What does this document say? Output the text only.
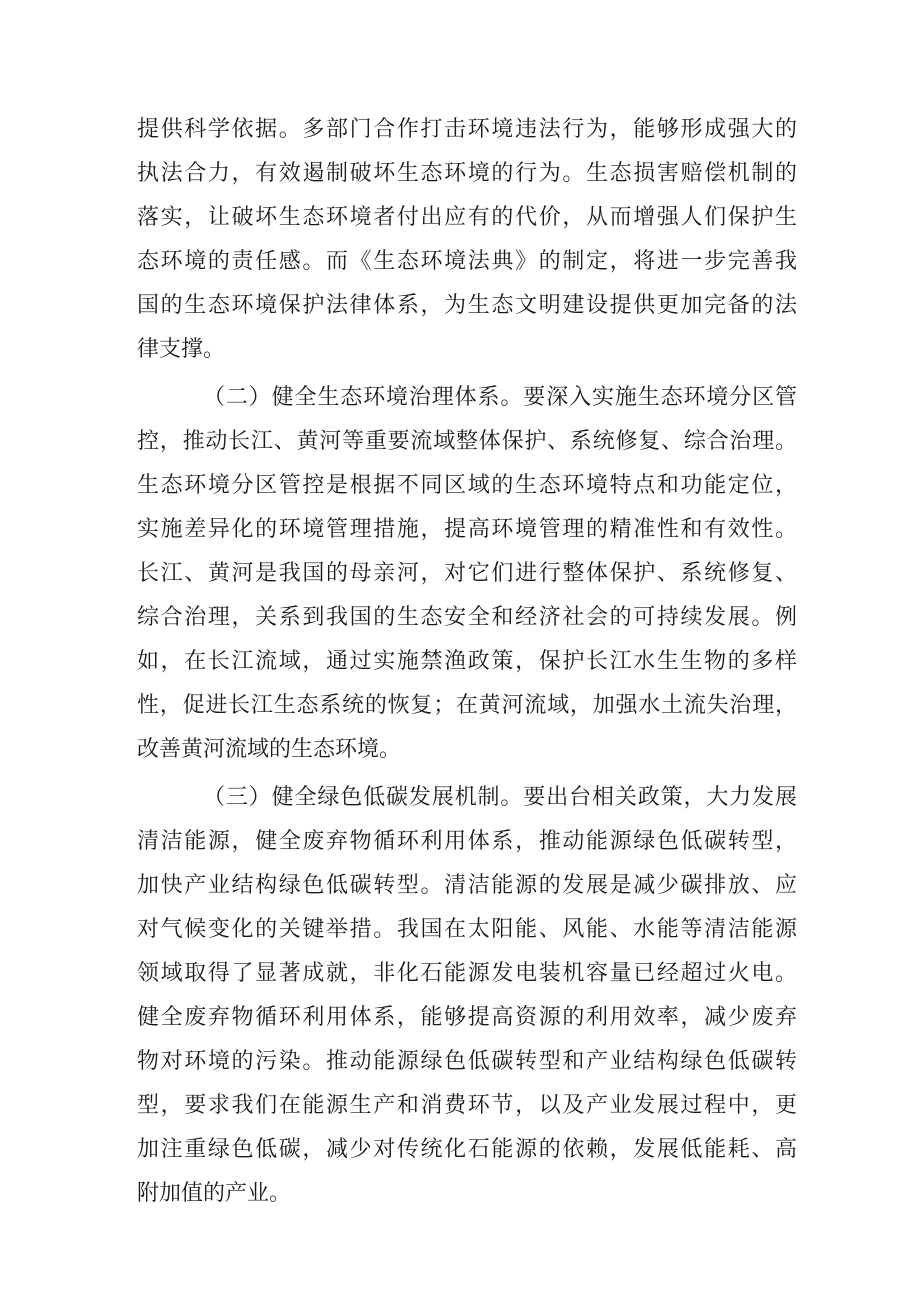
提供科学依据。多部门合作打击环境违法行为，能够形成强大的
执法合力，有效遏制破坏生态环境的行为。生态损害赔偿机制的
落实，让破坏生态环境者付出应有的代价，从而增强人们保护生
态环境的责任感。而《生态环境法典》的制定，将进一步完善我
国的生态环境保护法律体系，为生态文明建设提供更加完备的法
律支撑。

（二）健全生态环境治理体系。要深入实施生态环境分区管
控，推动长江、黄河等重要流域整体保护、系统修复、综合治理。
生态环境分区管控是根据不同区域的生态环境特点和功能定位，
实施差异化的环境管理措施，提高环境管理的精准性和有效性。
长江、黄河是我国的母亲河，对它们进行整体保护、系统修复、
综合治理，关系到我国的生态安全和经济社会的可持续发展。例
如，在长江流域，通过实施禁渔政策，保护长江水生生物的多样
性，促进长江生态系统的恢复；在黄河流域，加强水土流失治理，
改善黄河流域的生态环境。

（三）健全绿色低碳发展机制。要出台相关政策，大力发展
清洁能源，健全废弃物循环利用体系，推动能源绿色低碳转型，
加快产业结构绿色低碳转型。清洁能源的发展是减少碳排放、应
对气候变化的关键举措。我国在太阳能、风能、水能等清洁能源
领域取得了显著成就，非化石能源发电装机容量已经超过火电。
健全废弃物循环利用体系，能够提高资源的利用效率，减少废弃
物对环境的污染。推动能源绿色低碳转型和产业结构绿色低碳转
型，要求我们在能源生产和消费环节，以及产业发展过程中，更
加注重绿色低碳，减少对传统化石能源的依赖，发展低能耗、高
附加值的产业。
